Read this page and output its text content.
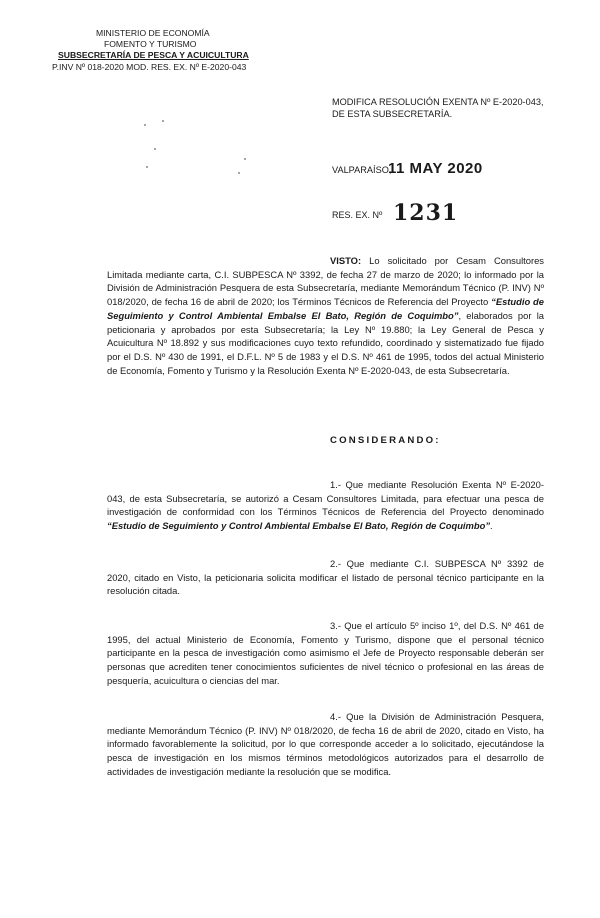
MINISTERIO DE ECONOMÍA
FOMENTO Y TURISMO
SUBSECRETARÍA DE PESCA Y ACUICULTURA
P.INV Nº 018-2020 MOD. RES. EX. Nº E-2020-043
MODIFICA RESOLUCIÓN EXENTA Nº E-2020-043,
DE ESTA SUBSECRETARÍA.
VALPARAÍSO,
11 MAY 2020
RES. EX. Nº 1231
VISTO: Lo solicitado por Cesam Consultores Limitada mediante carta, C.I. SUBPESCA Nº 3392, de fecha 27 de marzo de 2020; lo informado por la División de Administración Pesquera de esta Subsecretaría, mediante Memorándum Técnico (P. INV) Nº 018/2020, de fecha 16 de abril de 2020; los Términos Técnicos de Referencia del Proyecto “Estudio de Seguimiento y Control Ambiental Embalse El Bato, Región de Coquimbo”, elaborados por la peticionaria y aprobados por esta Subsecretaría; la Ley Nº 19.880; la Ley General de Pesca y Acuicultura Nº 18.892 y sus modificaciones cuyo texto refundido, coordinado y sistematizado fue fijado por el D.S. Nº 430 de 1991, el D.F.L. Nº 5 de 1983 y el D.S. Nº 461 de 1995, todos del actual Ministerio de Economía, Fomento y Turismo y la Resolución Exenta Nº E-2020-043, de esta Subsecretaría.
CONSIDERANDO:
1.- Que mediante Resolución Exenta Nº E-2020-043, de esta Subsecretaría, se autorizó a Cesam Consultores Limitada, para efectuar una pesca de investigación de conformidad con los Términos Técnicos de Referencia del Proyecto denominado “Estudio de Seguimiento y Control Ambiental Embalse El Bato, Región de Coquimbo”.
2.- Que mediante C.I. SUBPESCA Nº 3392 de 2020, citado en Visto, la peticionaria solicita modificar el listado de personal técnico participante en la resolución citada.
3.- Que el artículo 5º inciso 1º, del D.S. Nº 461 de 1995, del actual Ministerio de Economía, Fomento y Turismo, dispone que el personal técnico participante en la pesca de investigación como asimismo el Jefe de Proyecto responsable deberán ser personas que acrediten tener conocimientos suficientes de nivel técnico o profesional en las áreas de pesquería, acuicultura o ciencias del mar.
4.- Que la División de Administración Pesquera, mediante Memorándum Técnico (P. INV) Nº 018/2020, de fecha 16 de abril de 2020, citado en Visto, ha informado favorablemente la solicitud, por lo que corresponde acceder a lo solicitado, ejecutándose la pesca de investigación en los mismos términos metodológicos autorizados para el desarrollo de actividades de investigación mediante la resolución que se modifica.
